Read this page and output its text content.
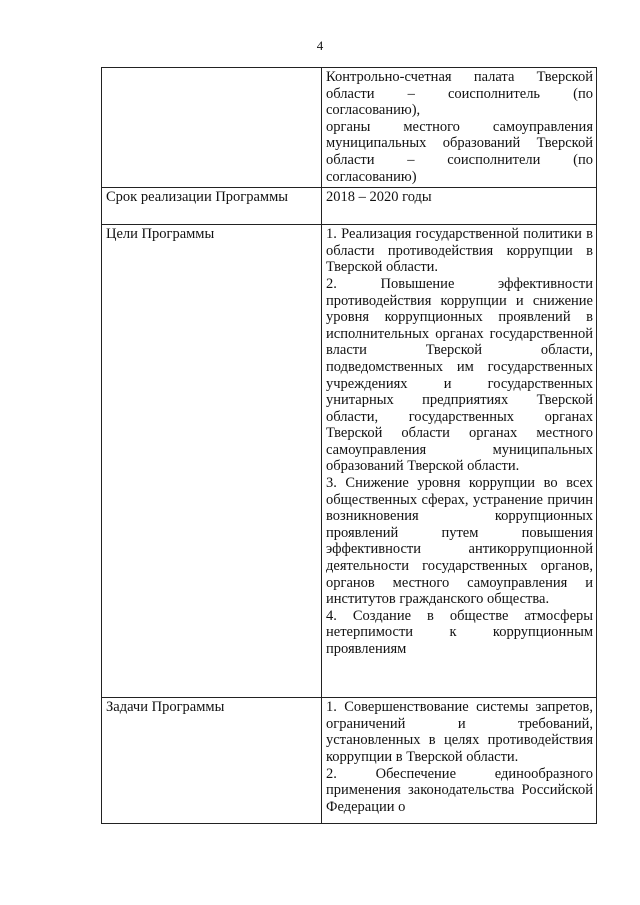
4

	Контрольно-счетная палата Тверской области – соисполнитель (по согласованию),

органы местного самоуправления муниципальных образований Тверской области – соисполнители (по согласованию)

Срок реализации Программы	2018 – 2020 годы

Цели Программы	1. Реализация государственной политики в области противодействия коррупции в Тверской области.

2. Повышение эффективности противодействия коррупции и снижение уровня коррупционных проявлений в исполнительных органах государственной власти Тверской области, подведомственных им государственных учреждениях и государственных унитарных предприятиях Тверской области, государственных органах Тверской области органах местного самоуправления муниципальных образований Тверской области.

3. Снижение уровня коррупции во всех общественных сферах, устранение причин возникновения коррупционных проявлений путем повышения эффективности антикоррупционной деятельности государственных органов, органов местного самоуправления и институтов гражданского общества.

4. Создание в обществе атмосферы нетерпимости к коррупционным проявлениям

Задачи Программы	1. Совершенствование системы запретов, ограничений и требований, установленных в целях противодействия коррупции в Тверской области.

2. Обеспечение единообразного применения законодательства Российской Федерации о
